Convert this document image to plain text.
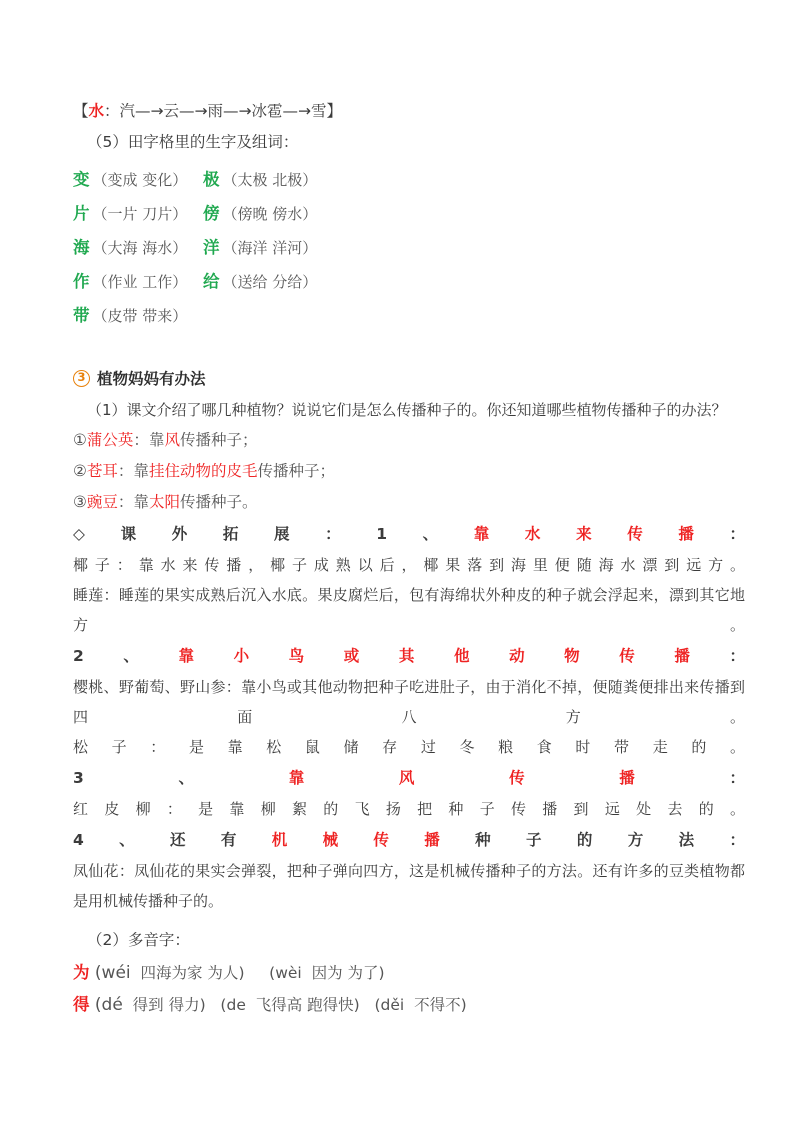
【水：汽—→云—→雨—→冰雹—→雪】
（5）田字格里的生字及组词：
变 （变成 变化） 极 （太极 北极）
片 （一片 刀片） 傍 （傍晚 傍水）
海 （大海 海水） 洋 （海洋 洋河）
作 （作业 工作） 给 （送给 分给）
带 （皮带 带来）
3 植物妈妈有办法
（1）课文介绍了哪几种植物？说说它们是怎么传播种子的。你还知道哪些植物传播种子的办法？
①蒲公英：靠风传播种子；
②苍耳：靠挂住动物的皮毛传播种子；
③豌豆：靠太阳传播种子。
◇课外拓展：1、靠水来传播：
椰子：靠水来传播，椰子成熟以后，椰果落到海里便随海水漂到远方。
睡莲：睡莲的果实成熟后沉入水底。果皮腐烂后，包有海绵状外种皮的种子就会浮起来，漂到其它地方。
2、靠小鸟或其他动物传播：
樱桃、野葡萄、野山参：靠小鸟或其他动物把种子吃进肚子，由于消化不掉，便随粪便排出来传播到四面八方。
松子：是靠松鼠储存过冬粮食时带走的。
3、靠风传播：
红皮柳：是靠柳絮的飞扬把种子传播到远处去的。
4、还有机械传播种子的方法：
凤仙花：凤仙花的果实会弹裂，把种子弹向四方，这是机械传播种子的方法。还有许多的豆类植物都是用机械传播种子的。
（2）多音字：
为 (wéi 四海为家 为人)     (wèi 因为 为了)
得 (dé 得到 得力)   (de 飞得高 跑得快)   (děi 不得不)
